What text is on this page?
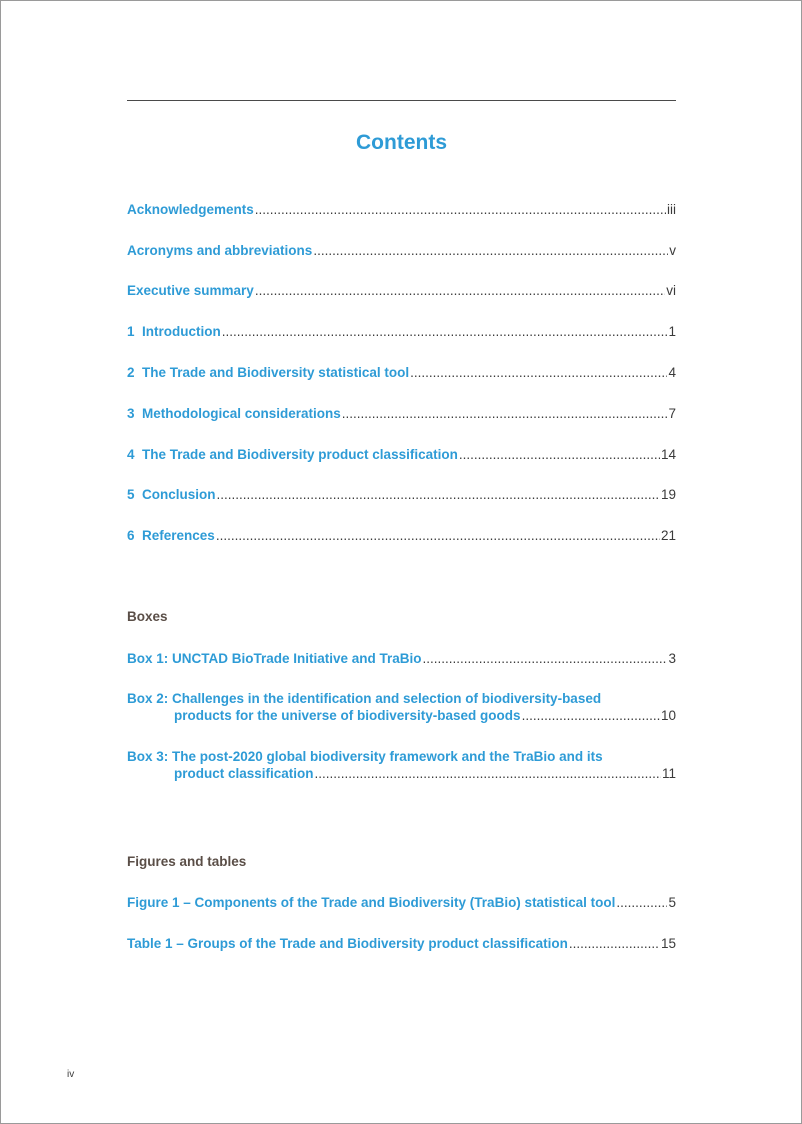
Contents
Acknowledgements .....	iii
Acronyms and abbreviations .....	v
Executive summary .....	vi
1  Introduction .....	1
2  The Trade and Biodiversity statistical tool .....	4
3  Methodological considerations .....	7
4  The Trade and Biodiversity product classification .....	14
5  Conclusion .....	19
6  References .....	21
Boxes
Box 1: UNCTAD BioTrade Initiative and TraBio .....	3
Box 2: Challenges in the identification and selection of biodiversity-based
products for the universe of biodiversity-based goods .....	10
Box 3: The post-2020 global biodiversity framework and the TraBio and its
product classification .....	11
Figures and tables
Figure 1 – Components of the Trade and Biodiversity (TraBio) statistical tool .....	5
Table 1 – Groups of the Trade and Biodiversity product classification .....	15
iv
